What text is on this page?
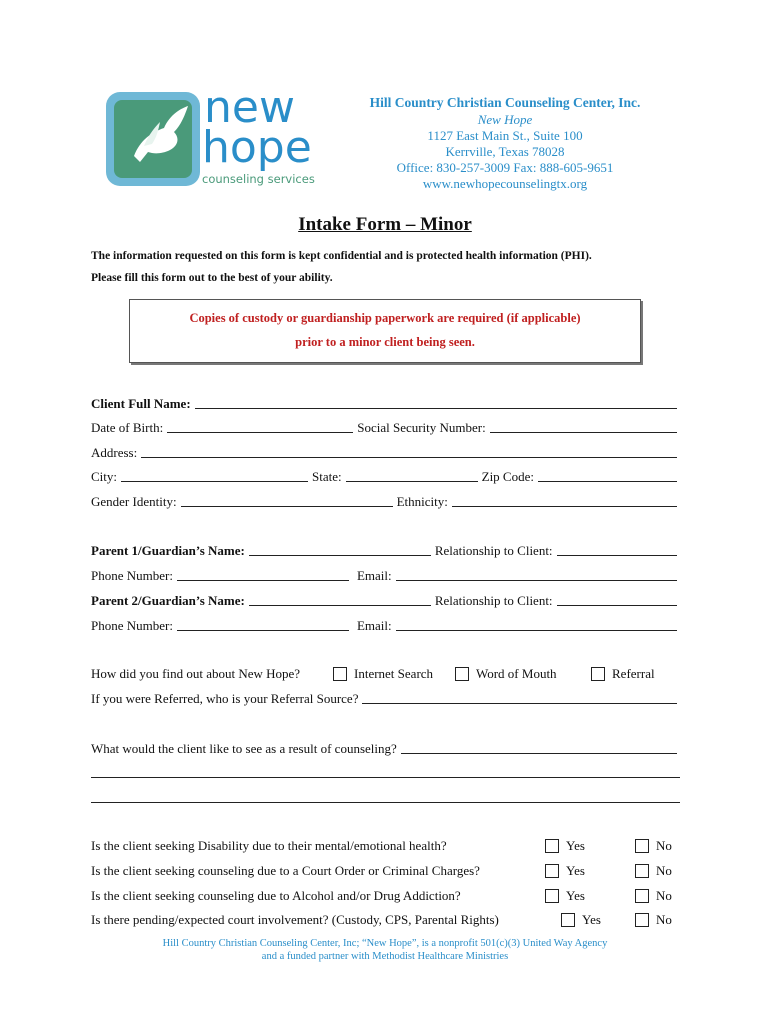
new
hope
counseling services
Hill Country Christian Counseling Center, Inc.
New Hope
1127 East Main St., Suite 100
Kerrville, Texas 78028
Office: 830-257-3009 Fax: 888-605-9651
www.newhopecounselingtx.org
Intake Form – Minor
The information requested on this form is kept confidential and is protected health information (PHI).
Please fill this form out to the best of your ability.
Copies of custody or guardianship paperwork are required (if applicable)
prior to a minor client being seen.
Client Full Name:
Date of Birth:	Social Security Number:
Address:
City:	State:	Zip Code:
Gender Identity:	Ethnicity:
Parent 1/Guardian’s Name:	Relationship to Client:
Phone Number:	Email:
Parent 2/Guardian’s Name:	Relationship to Client:
Phone Number:	Email:
How did you find out about New Hope?	Internet Search	Word of Mouth	Referral
If you were Referred, who is your Referral Source?
What would the client like to see as a result of counseling?
Is the client seeking Disability due to their mental/emotional health?	Yes	No
Is the client seeking counseling due to a Court Order or Criminal Charges?	Yes	No
Is the client seeking counseling due to Alcohol and/or Drug Addiction?	Yes	No
Is there pending/expected court involvement? (Custody, CPS, Parental Rights)	Yes	No
Hill Country Christian Counseling Center, Inc; “New Hope”, is a nonprofit 501(c)(3) United Way Agency
and a funded partner with Methodist Healthcare Ministries
